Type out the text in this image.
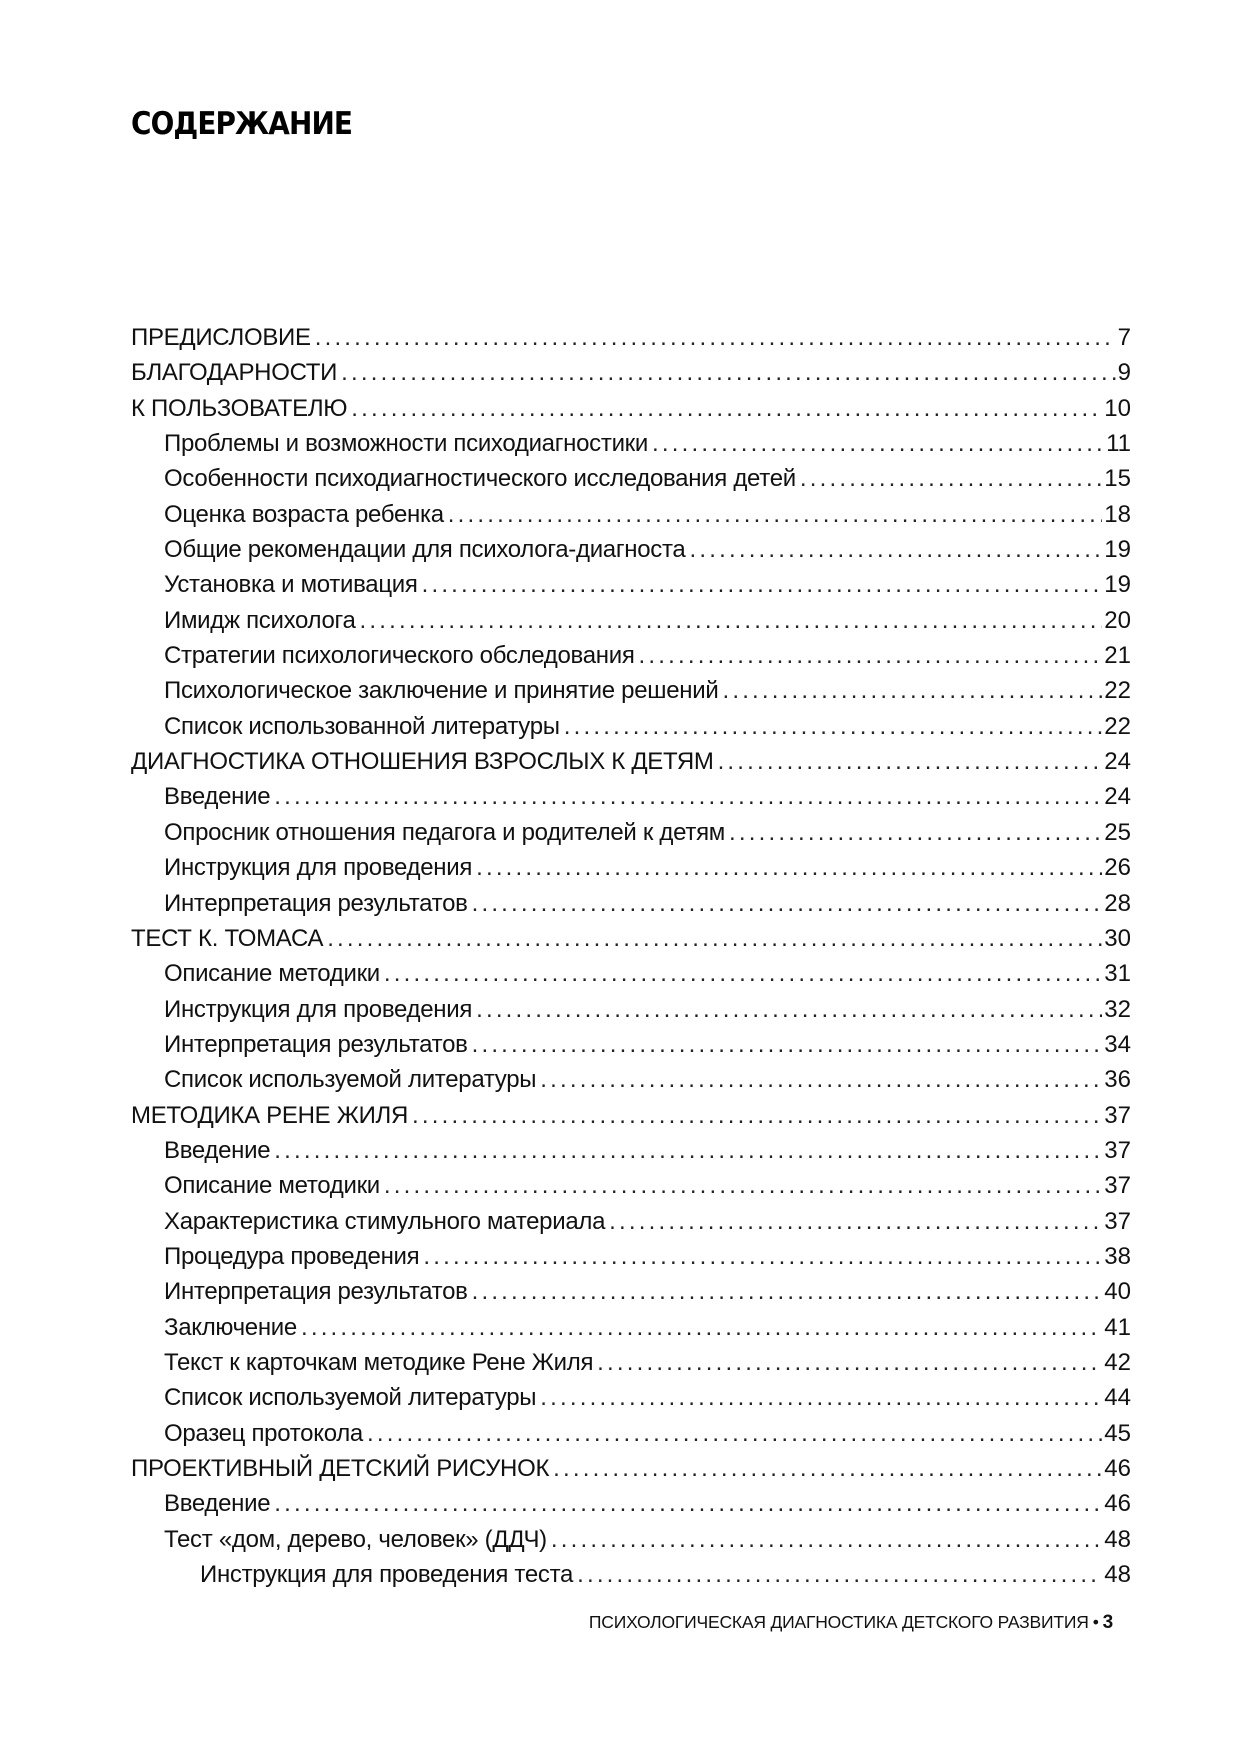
СОДЕРЖАНИЕ
ПРЕДИСЛОВИЕ .....	7
БЛАГОДАРНОСТИ .....	9
К ПОЛЬЗОВАТЕЛЮ .....	10
Проблемы и возможности психодиагностики .....	11
Особенности психодиагностического исследования детей .....	15
Оценка возраста ребенка .....	18
Общие рекомендации для психолога-диагноста .....	19
Установка и мотивация .....	19
Имидж психолога .....	20
Стратегии психологического обследования .....	21
Психологическое заключение и принятие решений .....	22
Список использованной литературы .....	22
ДИАГНОСТИКА ОТНОШЕНИЯ ВЗРОСЛЫХ К ДЕТЯМ .....	24
Введение .....	24
Опросник отношения педагога и родителей к детям .....	25
Инструкция для проведения .....	26
Интерпретация результатов .....	28
ТЕСТ К. ТОМАСА .....	30
Описание методики .....	31
Инструкция для проведения .....	32
Интерпретация результатов .....	34
Список используемой литературы .....	36
МЕТОДИКА РЕНЕ ЖИЛЯ .....	37
Введение .....	37
Описание методики .....	37
Характеристика стимульного материала .....	37
Процедура проведения .....	38
Интерпретация результатов .....	40
Заключение .....	41
Текст к карточкам методике Рене Жиля .....	42
Список используемой литературы .....	44
Оразец протокола .....	45
ПРОЕКТИВНЫЙ ДЕТСКИЙ РИСУНОК .....	46
Введение .....	46
Тест «дом, дерево, человек» (ДДЧ) .....	48
Инструкция для проведения теста .....	48
ПСИХОЛОГИЧЕСКАЯ ДИАГНОСТИКА ДЕТСКОГО РАЗВИТИЯ • 3
